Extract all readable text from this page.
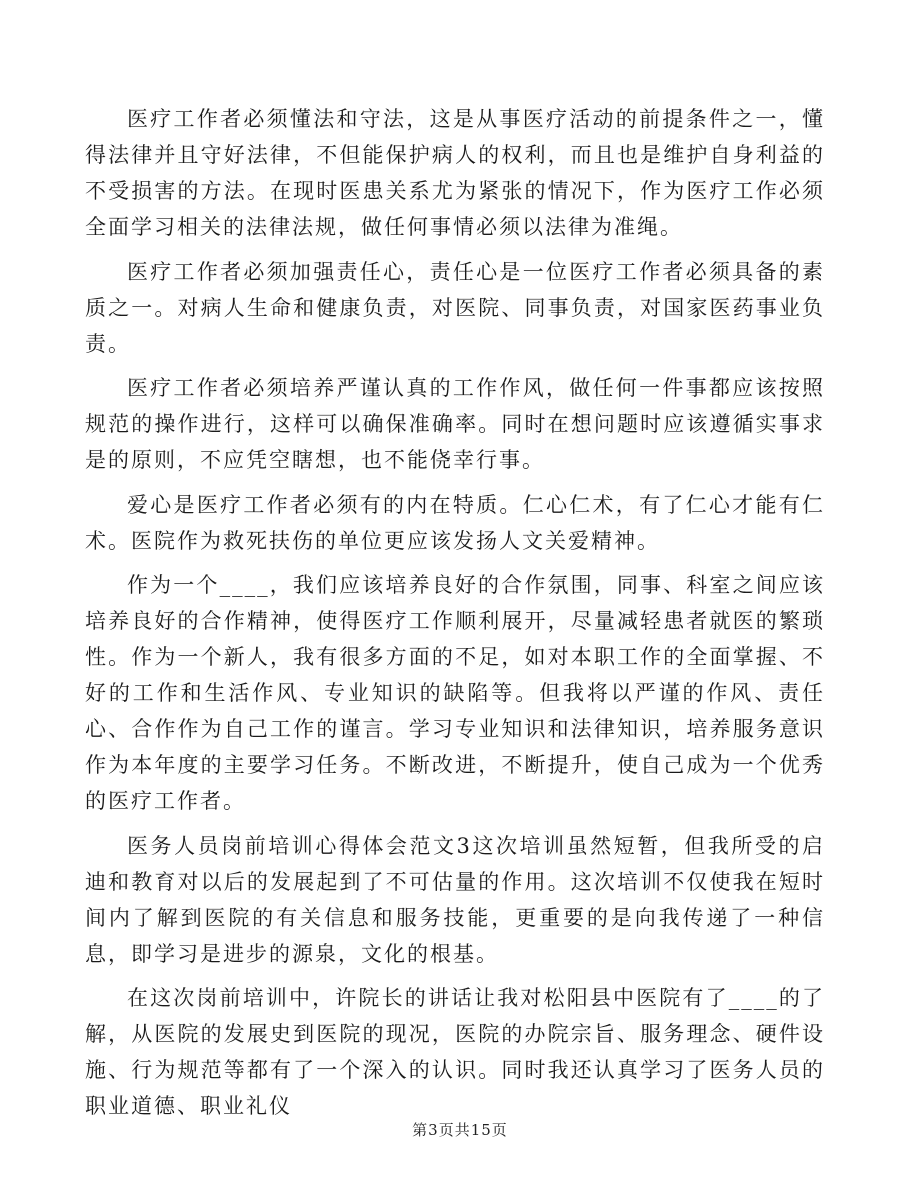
医疗工作者必须懂法和守法，这是从事医疗活动的前提条件之一，懂得法律并且守好法律，不但能保护病人的权利，而且也是维护自身利益的不受损害的方法。在现时医患关系尤为紧张的情况下，作为医疗工作必须全面学习相关的法律法规，做任何事情必须以法律为准绳。

医疗工作者必须加强责任心，责任心是一位医疗工作者必须具备的素质之一。对病人生命和健康负责，对医院、同事负责，对国家医药事业负责。

医疗工作者必须培养严谨认真的工作作风，做任何一件事都应该按照规范的操作进行，这样可以确保准确率。同时在想问题时应该遵循实事求是的原则，不应凭空瞎想，也不能侥幸行事。

爱心是医疗工作者必须有的内在特质。仁心仁术，有了仁心才能有仁术。医院作为救死扶伤的单位更应该发扬人文关爱精神。

作为一个____，我们应该培养良好的合作氛围，同事、科室之间应该培养良好的合作精神，使得医疗工作顺利展开，尽量减轻患者就医的繁琐性。作为一个新人，我有很多方面的不足，如对本职工作的全面掌握、不好的工作和生活作风、专业知识的缺陷等。但我将以严谨的作风、责任心、合作作为自己工作的谨言。学习专业知识和法律知识，培养服务意识作为本年度的主要学习任务。不断改进，不断提升，使自己成为一个优秀的医疗工作者。

医务人员岗前培训心得体会范文3这次培训虽然短暂，但我所受的启迪和教育对以后的发展起到了不可估量的作用。这次培训不仅使我在短时间内了解到医院的有关信息和服务技能，更重要的是向我传递了一种信息，即学习是进步的源泉，文化的根基。

在这次岗前培训中，许院长的讲话让我对松阳县中医院有了____的了解，从医院的发展史到医院的现况，医院的办院宗旨、服务理念、硬件设施、行为规范等都有了一个深入的认识。同时我还认真学习了医务人员的职业道德、职业礼仪

第3页共15页
